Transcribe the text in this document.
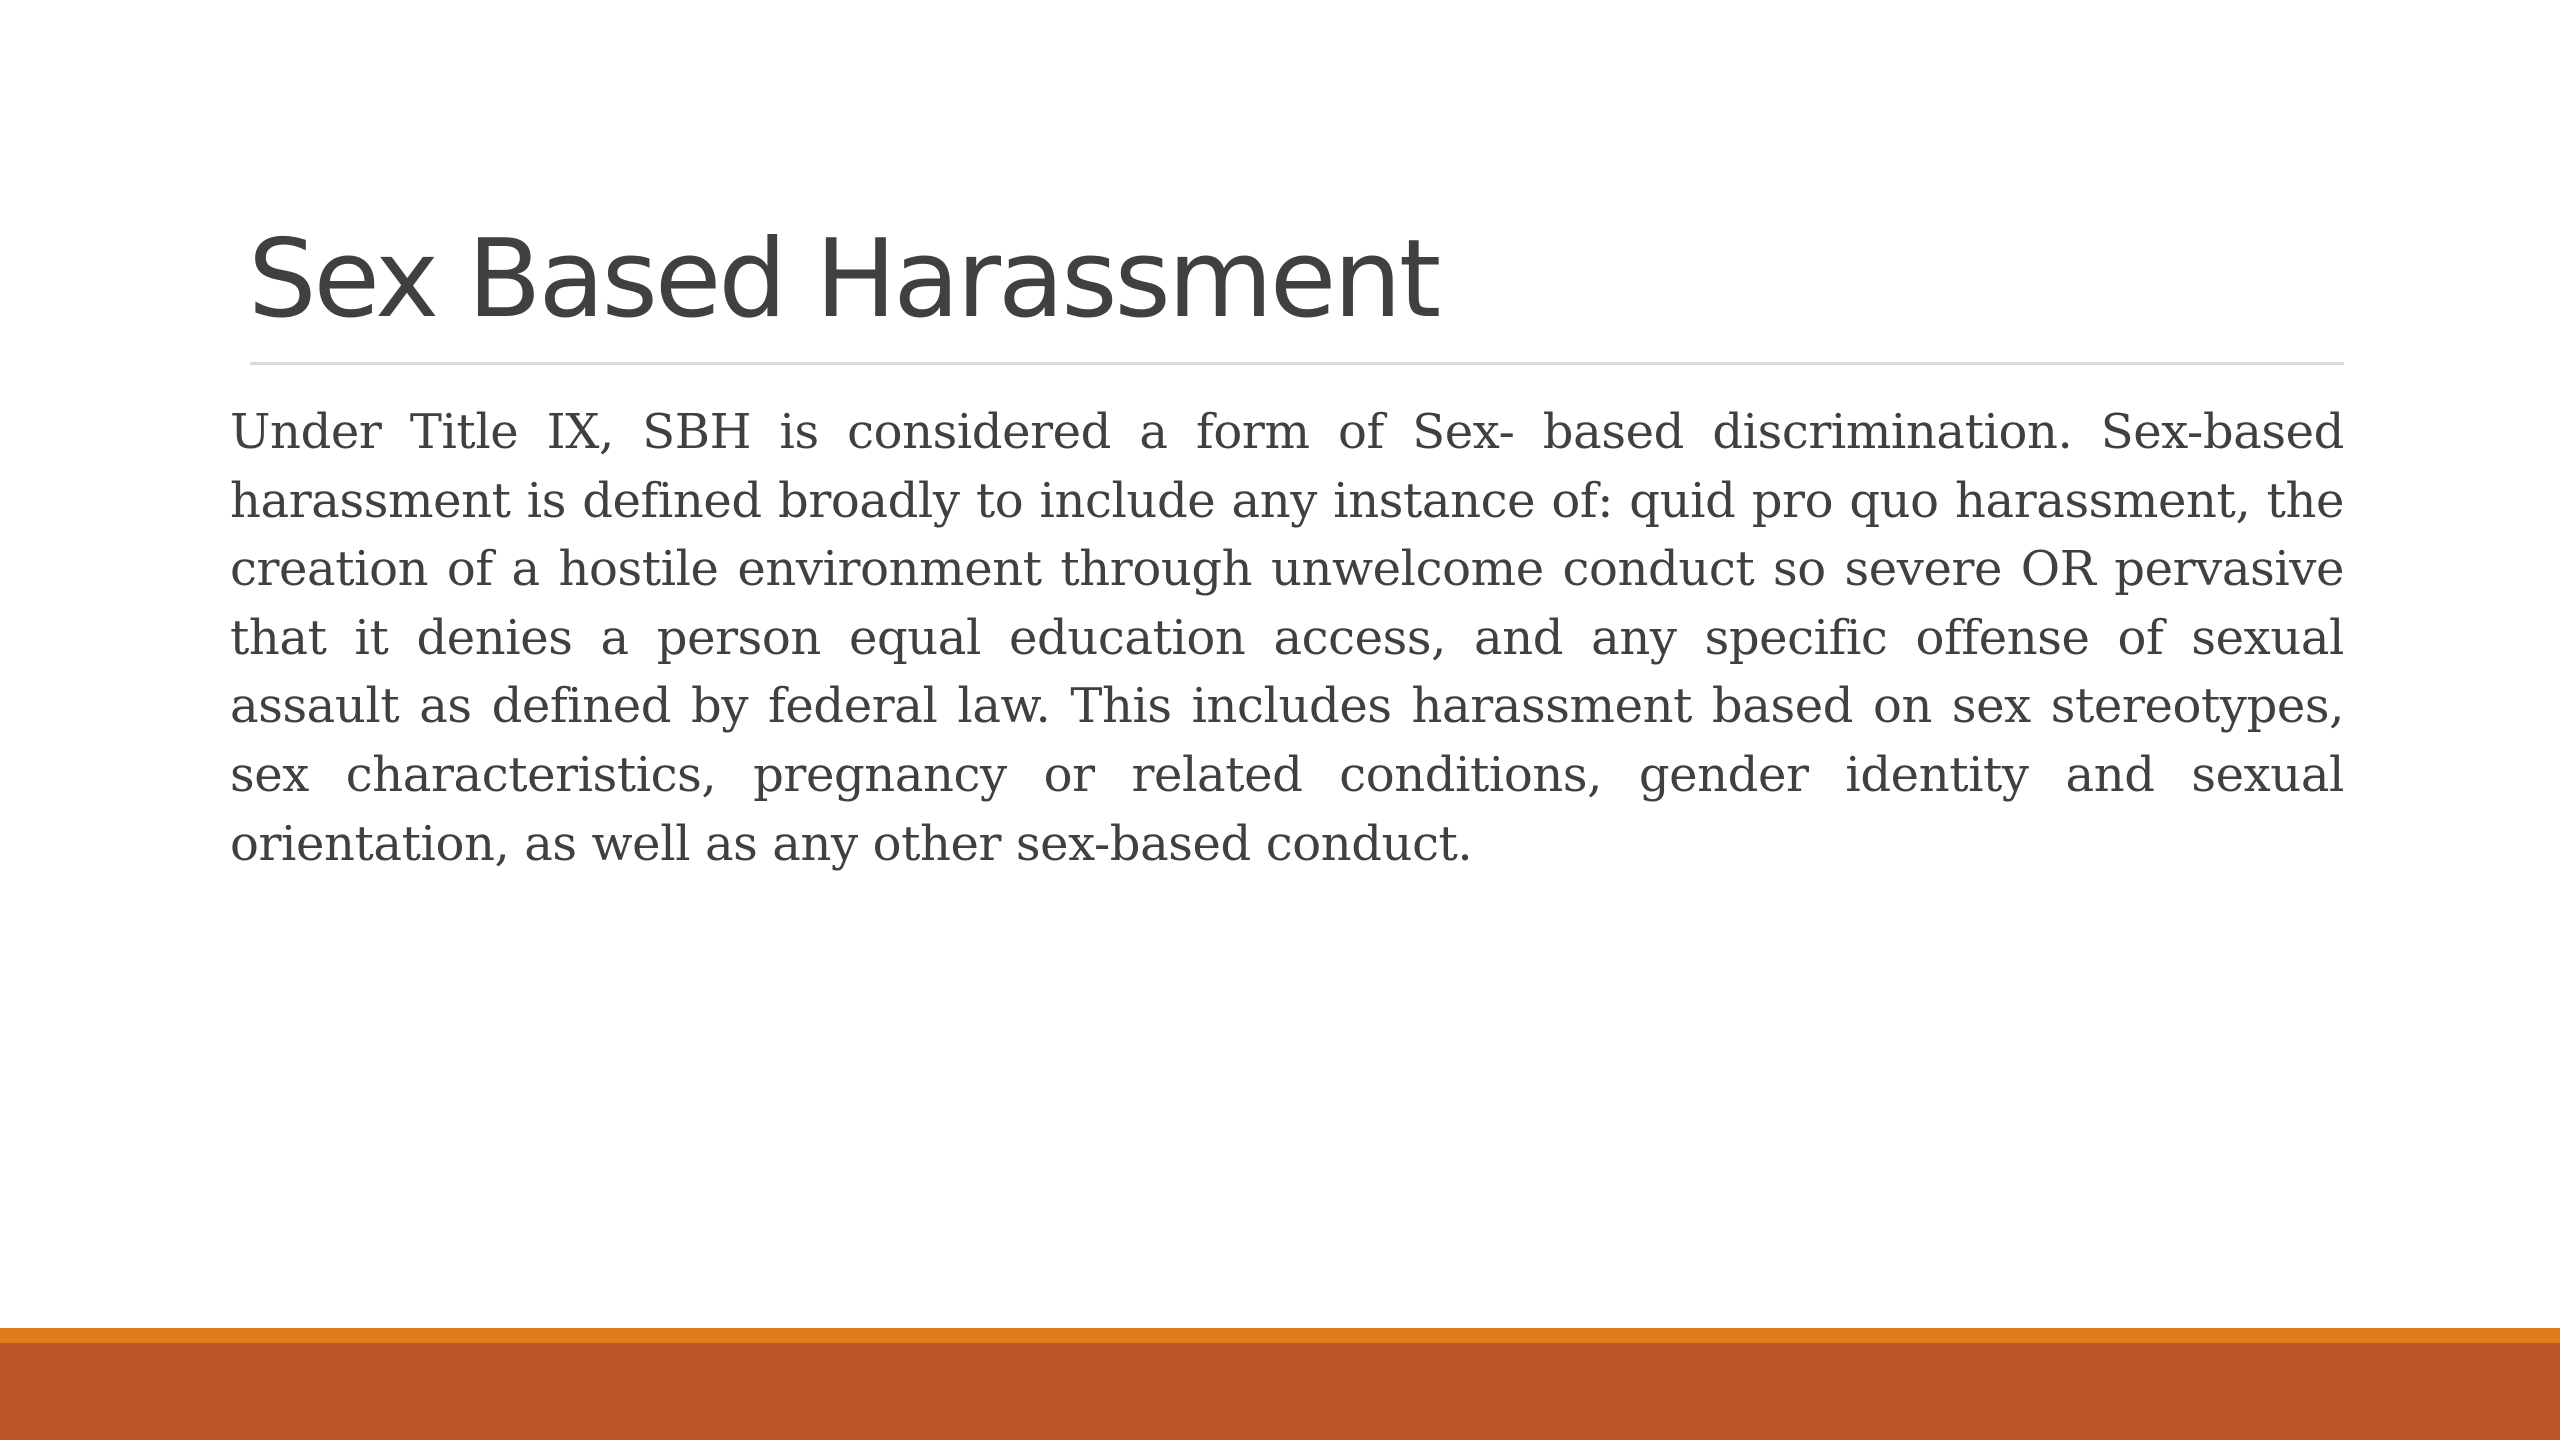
Sex Based Harassment

Under Title IX, SBH is considered a form of Sex- based discrimination. Sex-based harassment is defined broadly to include any instance of: quid pro quo harassment, the creation of a hostile environment through unwelcome conduct so severe OR pervasive that it denies a person equal education access, and any specific offense of sexual assault as defined by federal law. This includes harassment based on sex stereotypes, sex characteristics, pregnancy or related conditions, gender identity and sexual orientation, as well as any other sex-based conduct.
